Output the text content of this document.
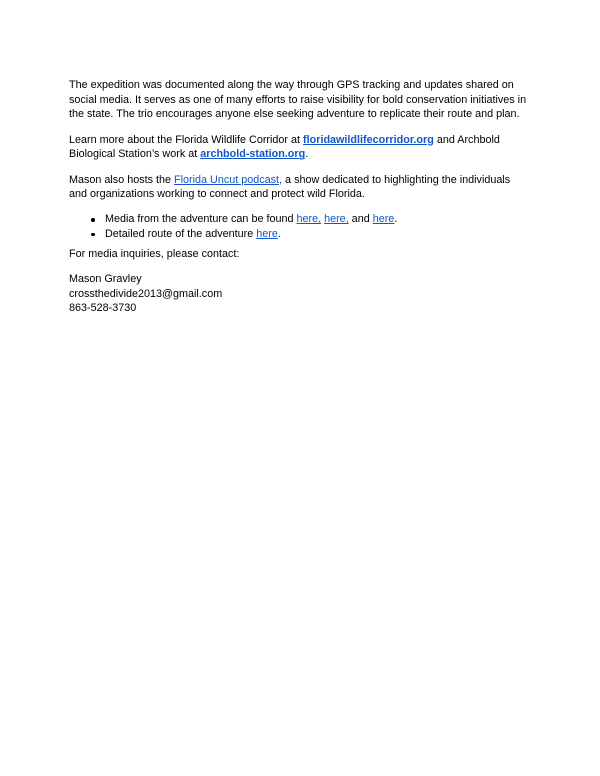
The expedition was documented along the way through GPS tracking and updates shared on social media. It serves as one of many efforts to raise visibility for bold conservation initiatives in the state. The trio encourages anyone else seeking adventure to replicate their route and plan.

Learn more about the Florida Wildlife Corridor at floridawildlifecorridor.org and Archbold Biological Station’s work at archbold-station.org.

Mason also hosts the Florida Uncut podcast, a show dedicated to highlighting the individuals and organizations working to connect and protect wild Florida.

Media from the adventure can be found here, here, and here.
Detailed route of the adventure here.

For media inquiries, please contact:

Mason Gravley
crossthedivide2013@gmail.com
863-528-3730
